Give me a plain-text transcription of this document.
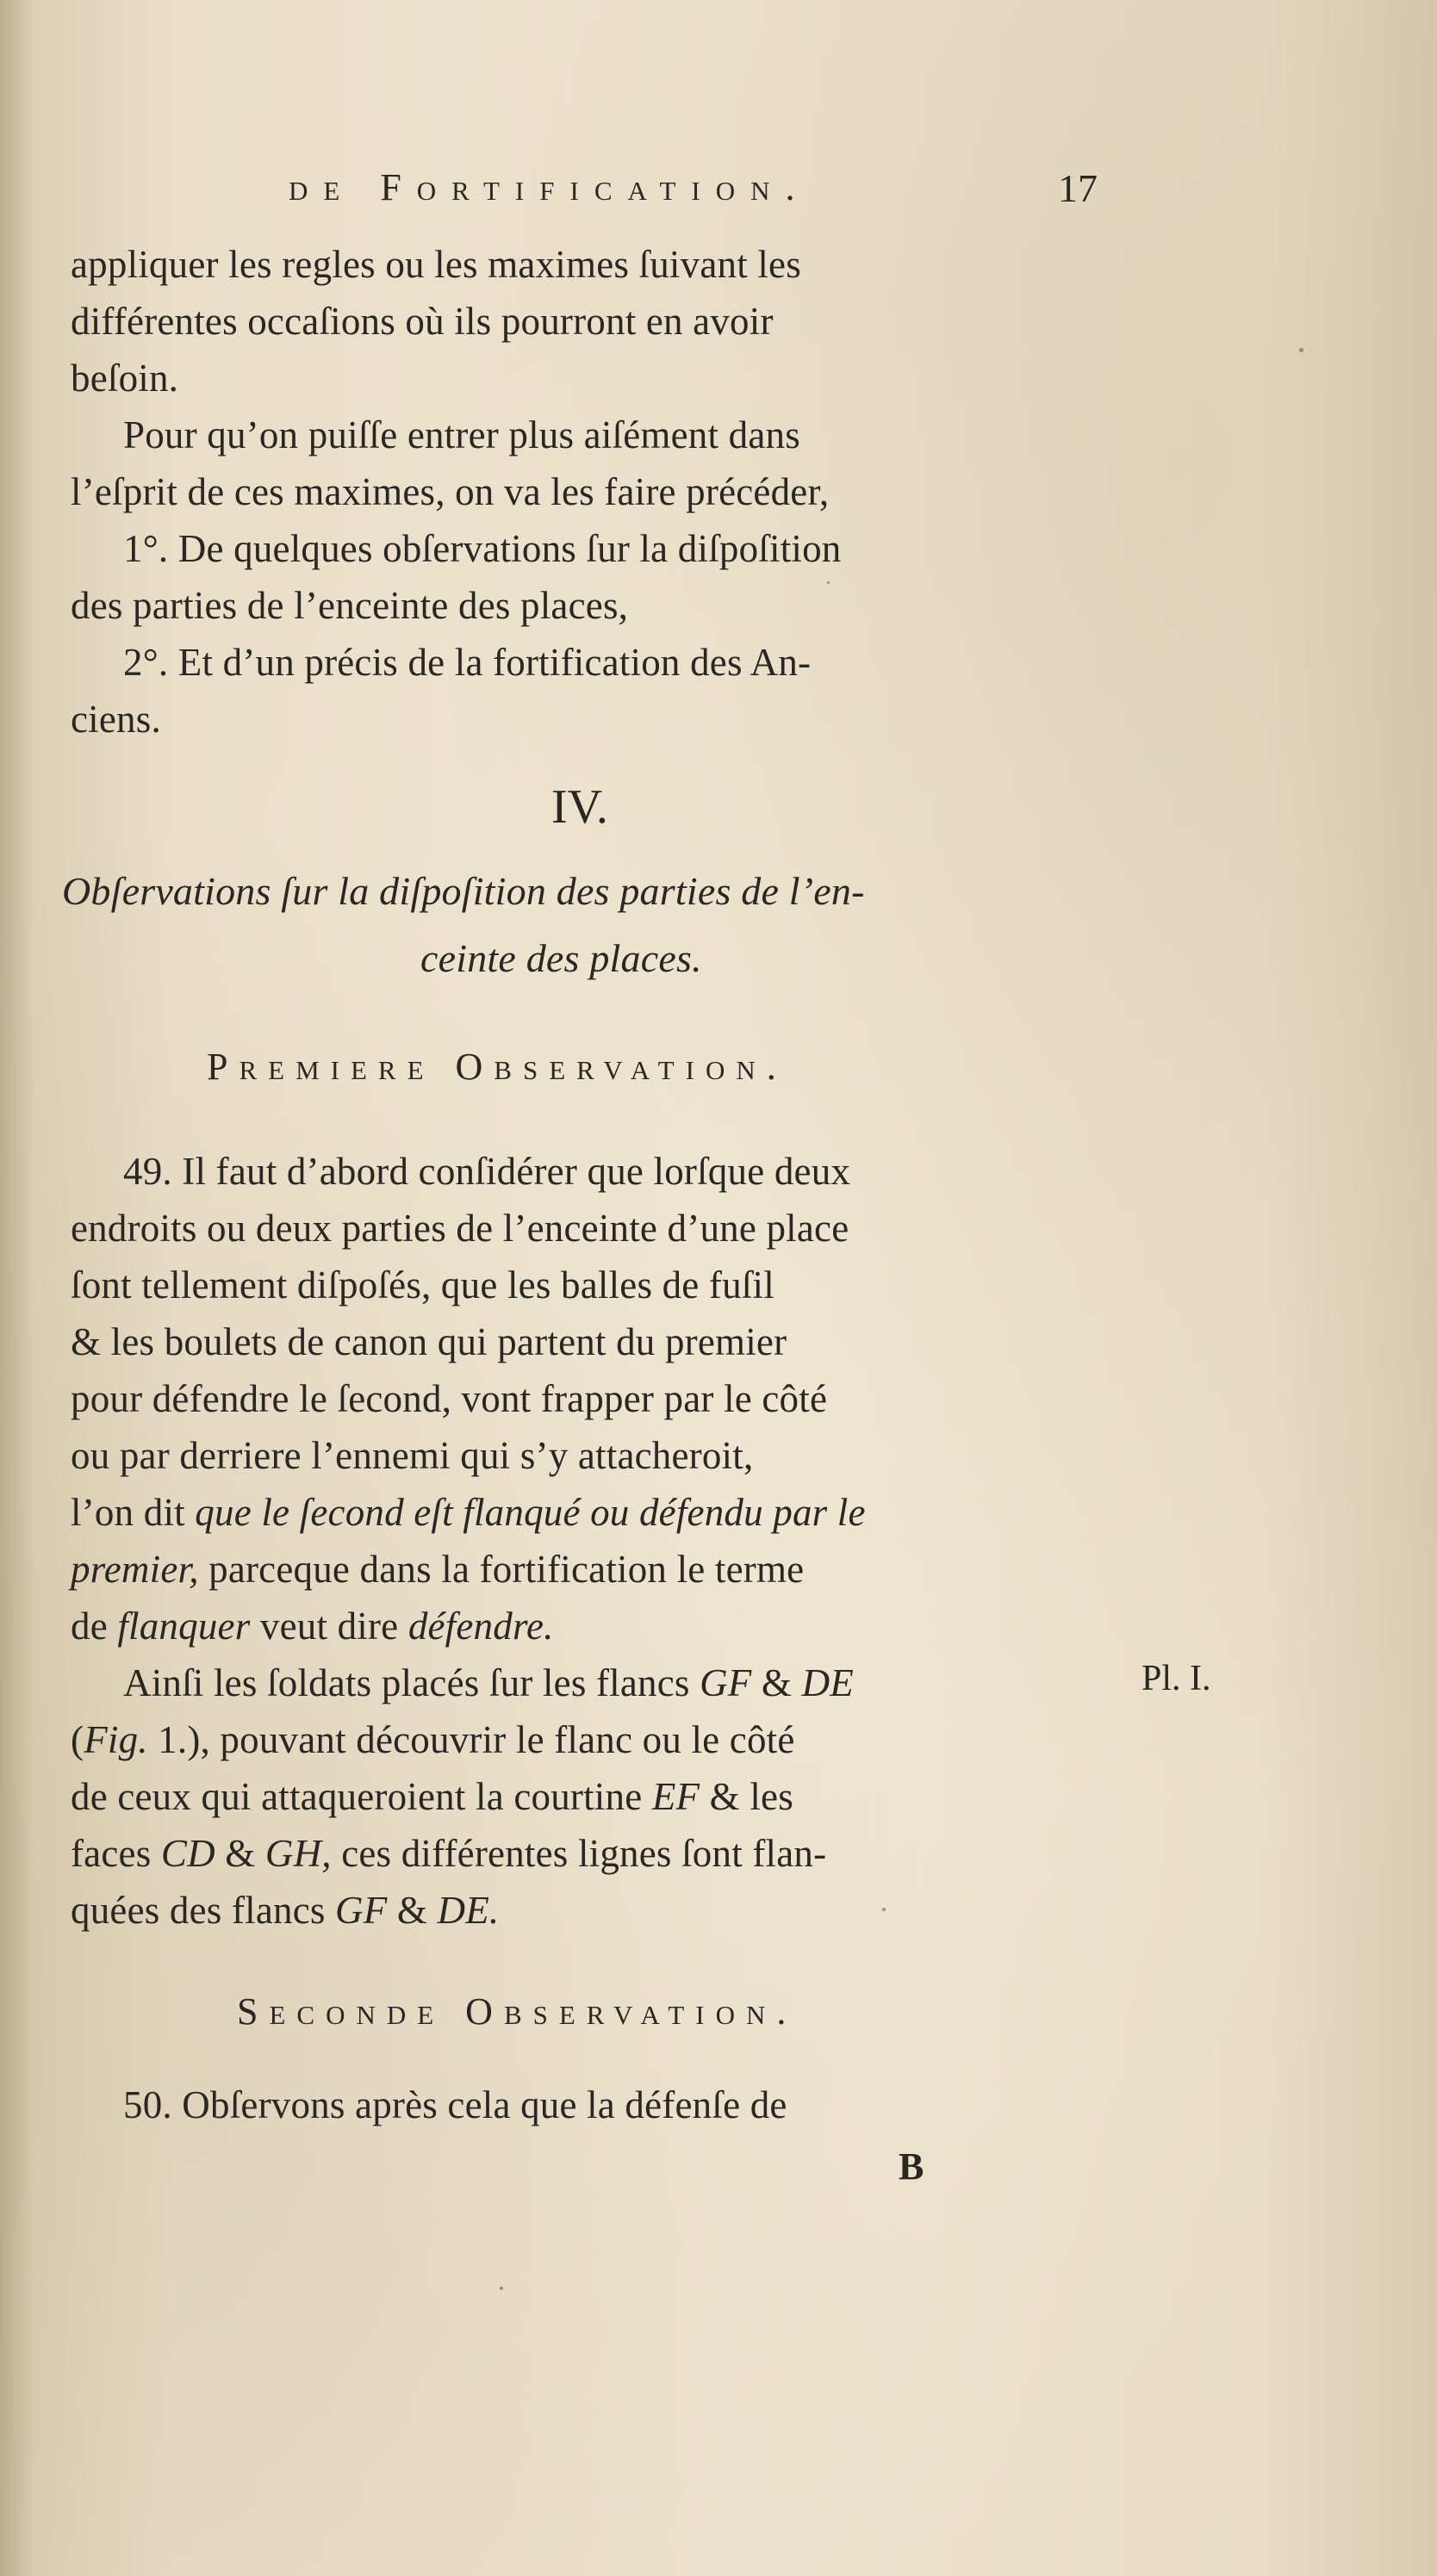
de Fortification.	17
appliquer les regles ou les maximes ſuivant les
différentes occaſions où ils pourront en avoir
beſoin.
Pour qu’on puiſſe entrer plus aiſément dans
l’eſprit de ces maximes, on va les faire précéder,
1°. De quelques obſervations ſur la diſpoſition
des parties de l’enceinte des places,
2°. Et d’un précis de la fortification des An-
ciens.
IV.
Obſervations ſur la diſpoſition des parties de l’en-
ceinte des places.
Premiere Observation.
49. Il faut d’abord conſidérer que lorſque deux
endroits ou deux parties de l’enceinte d’une place
ſont tellement diſpoſés, que les balles de fuſil
& les boulets de canon qui partent du premier
pour défendre le ſecond, vont frapper par le côté
ou par derriere l’ennemi qui s’y attacheroit,
l’on dit que le ſecond eſt flanqué ou défendu par le
premier, parceque dans la fortification le terme
de flanquer veut dire défendre.
Ainſi les ſoldats placés ſur les flancs GF & DE	Pl. I.
(Fig. 1.), pouvant découvrir le flanc ou le côté
de ceux qui attaqueroient la courtine EF & les
faces CD & GH, ces différentes lignes ſont flan-
quées des flancs GF & DE.
Seconde Observation.
50. Obſervons après cela que la défenſe de
B
